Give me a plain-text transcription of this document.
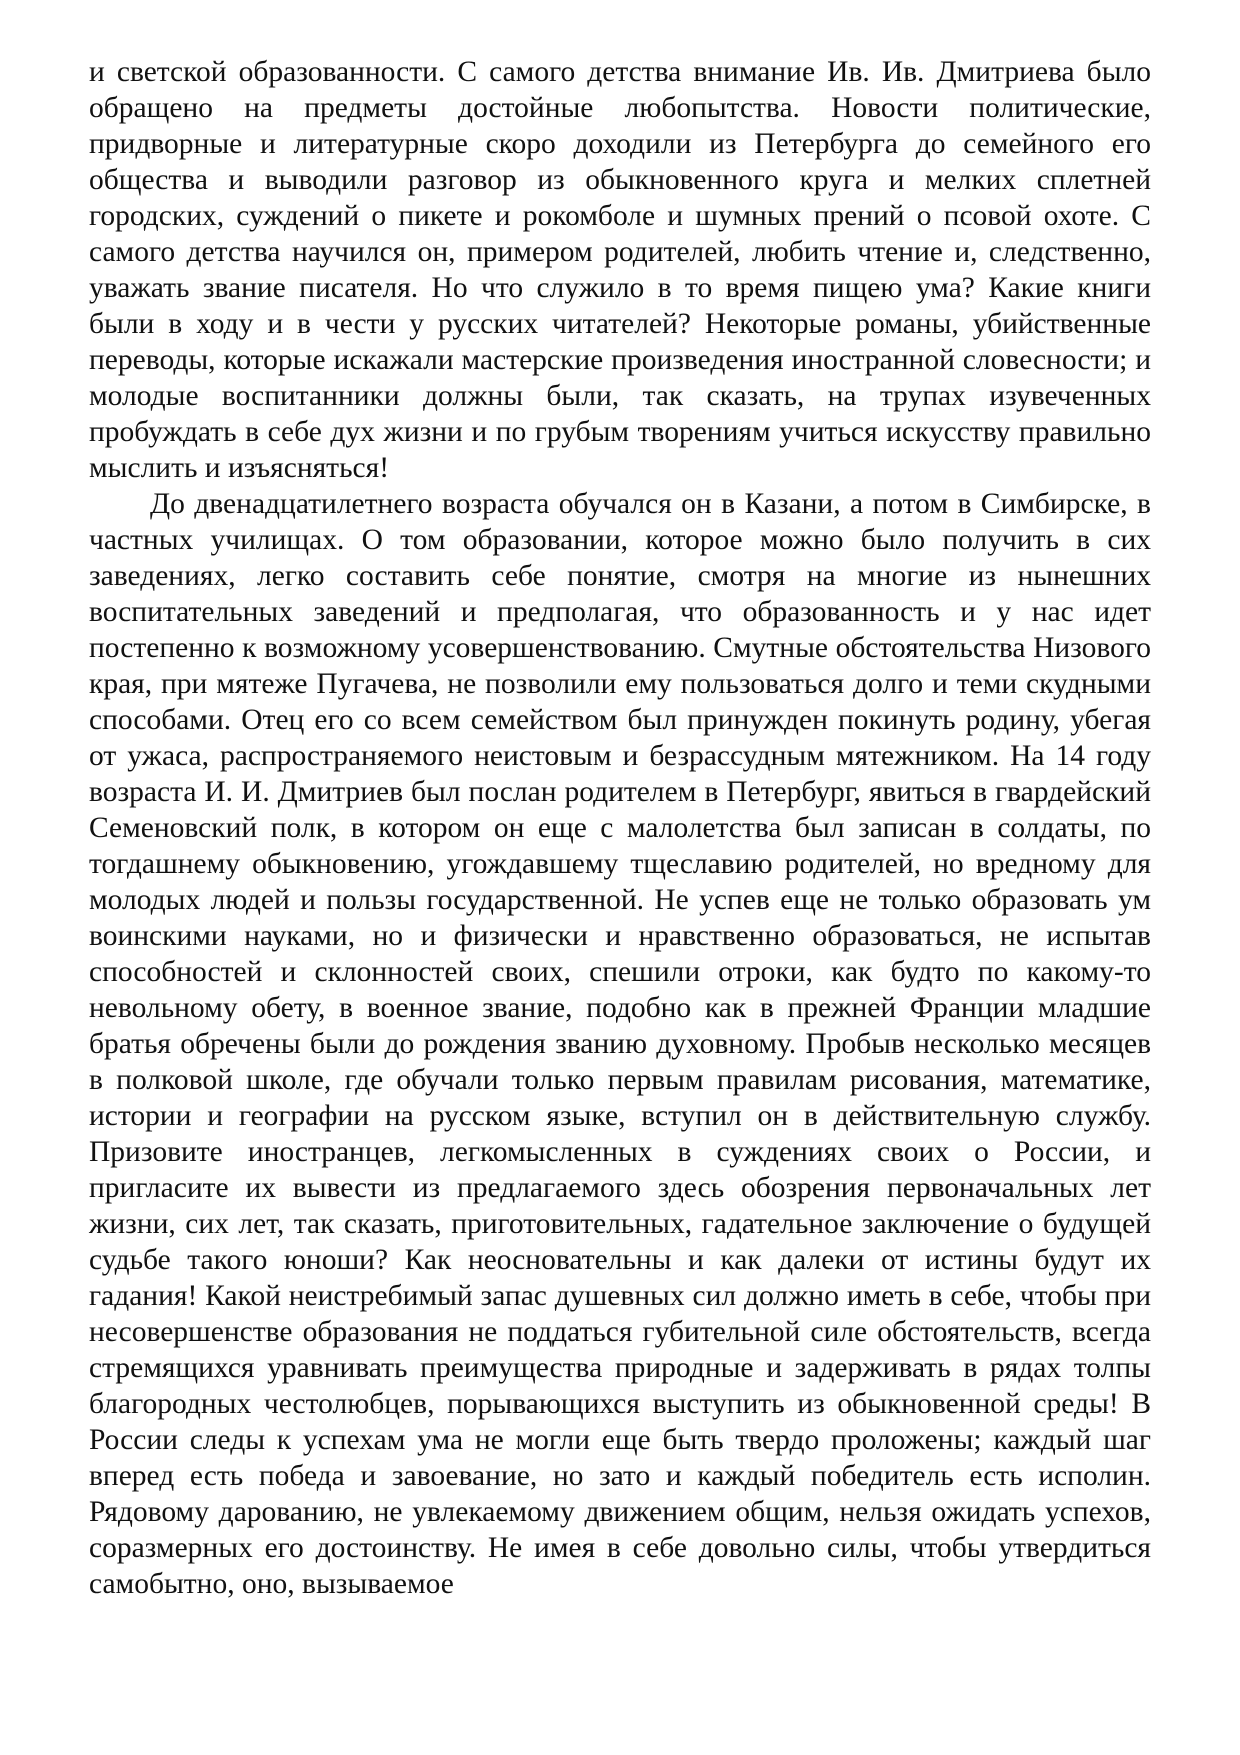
и светской образованности. С самого детства внимание Ив. Ив. Дмитриева было обращено на предметы достойные любопытства. Новости политические, придворные и литературные скоро доходили из Петербурга до семейного его общества и выводили разговор из обыкновенного круга и мелких сплетней городских, суждений о пикете и рокомболе и шумных прений о псовой охоте. С самого детства научился он, примером родителей, любить чтение и, следственно, уважать звание писателя. Но что служило в то время пищею ума? Какие книги были в ходу и в чести у русских читателей? Некоторые романы, убийственные переводы, которые искажали мастерские произведения иностранной словесности; и молодые воспитанники должны были, так сказать, на трупах изувеченных пробуждать в себе дух жизни и по грубым творениям учиться искусству правильно мыслить и изъясняться!

До двенадцатилетнего возраста обучался он в Казани, а потом в Симбирске, в частных училищах. О том образовании, которое можно было получить в сих заведениях, легко составить себе понятие, смотря на многие из нынешних воспитательных заведений и предполагая, что образованность и у нас идет постепенно к возможному усовершенствованию. Смутные обстоятельства Низового края, при мятеже Пугачева, не позволили ему пользоваться долго и теми скудными способами. Отец его со всем семейством был принужден покинуть родину, убегая от ужаса, распространяемого неистовым и безрассудным мятежником. На 14 году возраста И. И. Дмитриев был послан родителем в Петербург, явиться в гвардейский Семеновский полк, в котором он еще с малолетства был записан в солдаты, по тогдашнему обыкновению, угождавшему тщеславию родителей, но вредному для молодых людей и пользы государственной. Не успев еще не только образовать ум воинскими науками, но и физически и нравственно образоваться, не испытав способностей и склонностей своих, спешили отроки, как будто по какому-то невольному обету, в военное звание, подобно как в прежней Франции младшие братья обречены были до рождения званию духовному. Пробыв несколько месяцев в полковой школе, где обучали только первым правилам рисования, математике, истории и географии на русском языке, вступил он в действительную службу. Призовите иностранцев, легкомысленных в суждениях своих о России, и пригласите их вывести из предлагаемого здесь обозрения первоначальных лет жизни, сих лет, так сказать, приготовительных, гадательное заключение о будущей судьбе такого юноши? Как неосновательны и как далеки от истины будут их гадания! Какой неистребимый запас душевных сил должно иметь в себе, чтобы при несовершенстве образования не поддаться губительной силе обстоятельств, всегда стремящихся уравнивать преимущества природные и задерживать в рядах толпы благородных честолюбцев, порывающихся выступить из обыкновенной среды! В России следы к успехам ума не могли еще быть твердо проложены; каждый шаг вперед есть победа и завоевание, но зато и каждый победитель есть исполин. Рядовому дарованию, не увлекаемому движением общим, нельзя ожидать успехов, соразмерных его достоинству. Не имея в себе довольно силы, чтобы утвердиться самобытно, оно, вызываемое
